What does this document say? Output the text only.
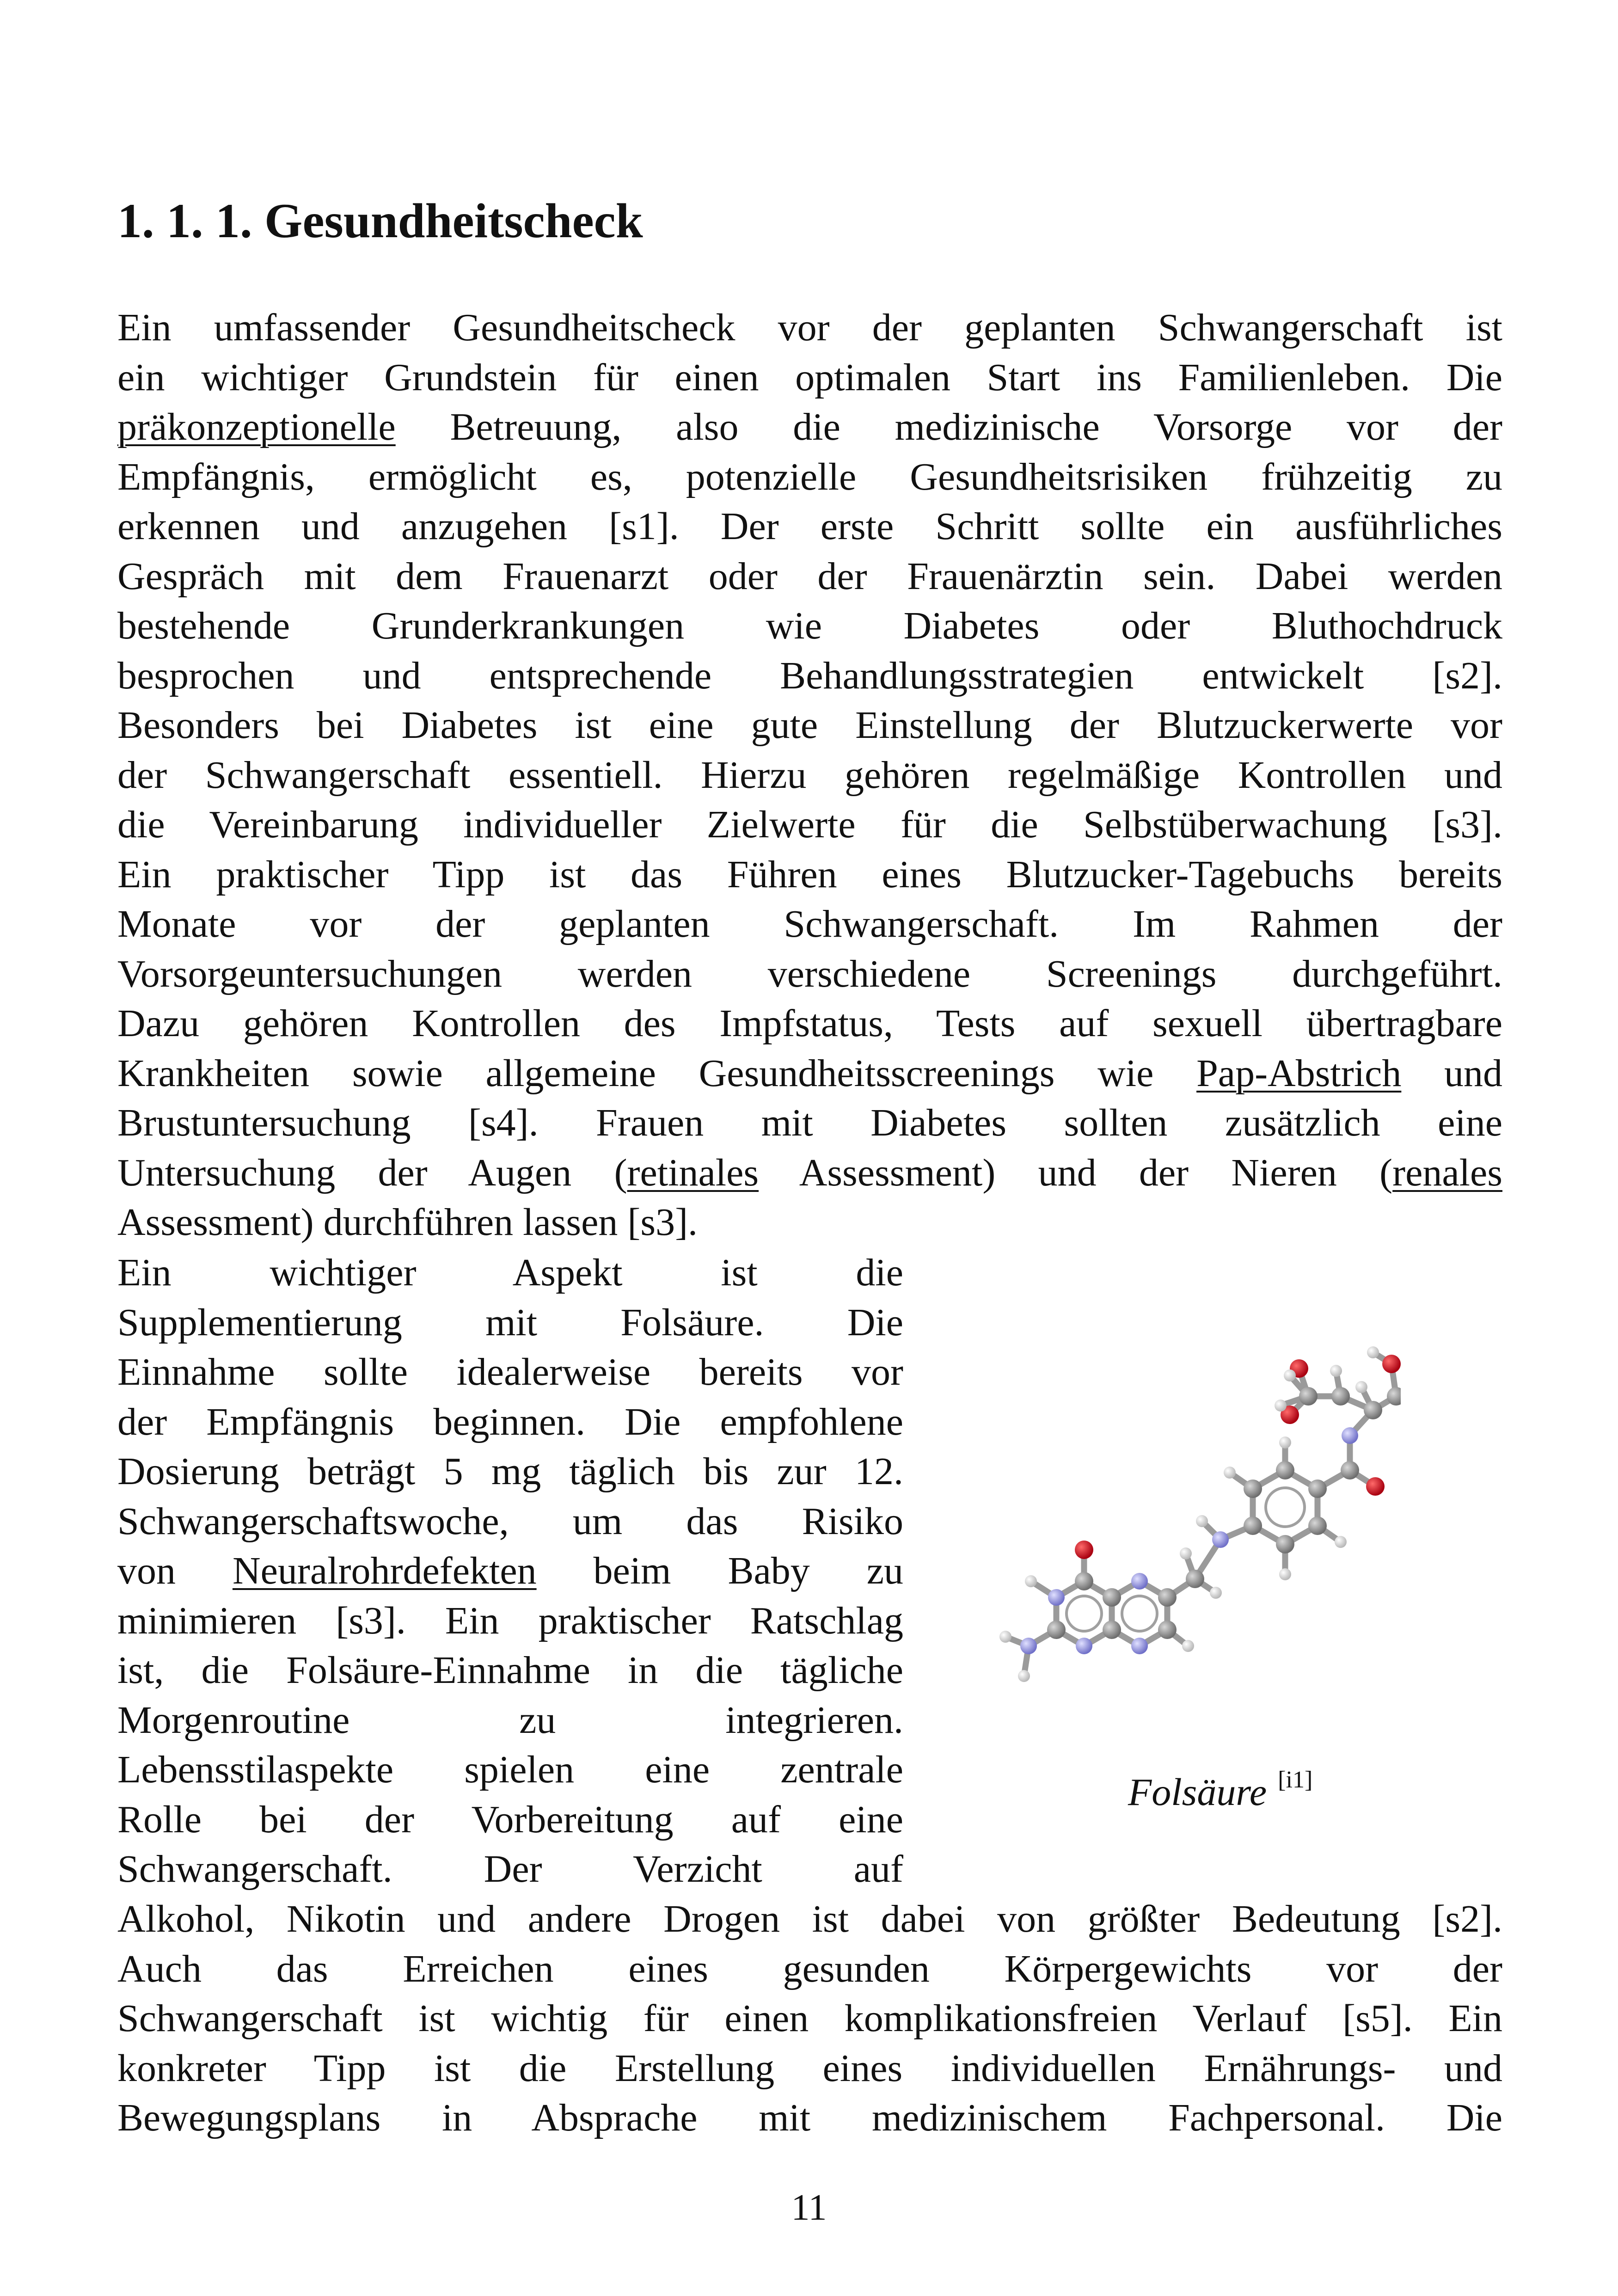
1. 1. 1. Gesundheitscheck
Ein umfassender Gesundheitscheck vor der geplanten Schwangerschaft ist
ein wichtiger Grundstein für einen optimalen Start ins Familienleben. Die
präkonzeptionelle Betreuung, also die medizinische Vorsorge vor der
Empfängnis, ermöglicht es, potenzielle Gesundheitsrisiken frühzeitig zu
erkennen und anzugehen [s1]. Der erste Schritt sollte ein ausführliches
Gespräch mit dem Frauenarzt oder der Frauenärztin sein. Dabei werden
bestehende Grunderkrankungen wie Diabetes oder Bluthochdruck
besprochen und entsprechende Behandlungsstrategien entwickelt [s2].
Besonders bei Diabetes ist eine gute Einstellung der Blutzuckerwerte vor
der Schwangerschaft essentiell. Hierzu gehören regelmäßige Kontrollen und
die Vereinbarung individueller Zielwerte für die Selbstüberwachung [s3].
Ein praktischer Tipp ist das Führen eines Blutzucker-Tagebuchs bereits
Monate vor der geplanten Schwangerschaft. Im Rahmen der
Vorsorgeuntersuchungen werden verschiedene Screenings durchgeführt.
Dazu gehören Kontrollen des Impfstatus, Tests auf sexuell übertragbare
Krankheiten sowie allgemeine Gesundheitsscreenings wie Pap-Abstrich und
Brustuntersuchung [s4]. Frauen mit Diabetes sollten zusätzlich eine
Untersuchung der Augen (retinales Assessment) und der Nieren (renales
Assessment) durchführen lassen [s3].
Ein wichtiger Aspekt ist die
Supplementierung mit Folsäure. Die
Einnahme sollte idealerweise bereits vor
der Empfängnis beginnen. Die empfohlene
Dosierung beträgt 5 mg täglich bis zur 12.
Schwangerschaftswoche, um das Risiko
von Neuralrohrdefekten beim Baby zu
minimieren [s3]. Ein praktischer Ratschlag
ist, die Folsäure-Einnahme in die tägliche
Morgenroutine zu integrieren.
Lebensstilaspekte spielen eine zentrale
Rolle bei der Vorbereitung auf eine
Schwangerschaft. Der Verzicht auf
Alkohol, Nikotin und andere Drogen ist dabei von größter Bedeutung [s2].
Auch das Erreichen eines gesunden Körpergewichts vor der
Schwangerschaft ist wichtig für einen komplikationsfreien Verlauf [s5]. Ein
konkreter Tipp ist die Erstellung eines individuellen Ernährungs- und
Bewegungsplans in Absprache mit medizinischem Fachpersonal. Die
Folsäure [i1]
11
